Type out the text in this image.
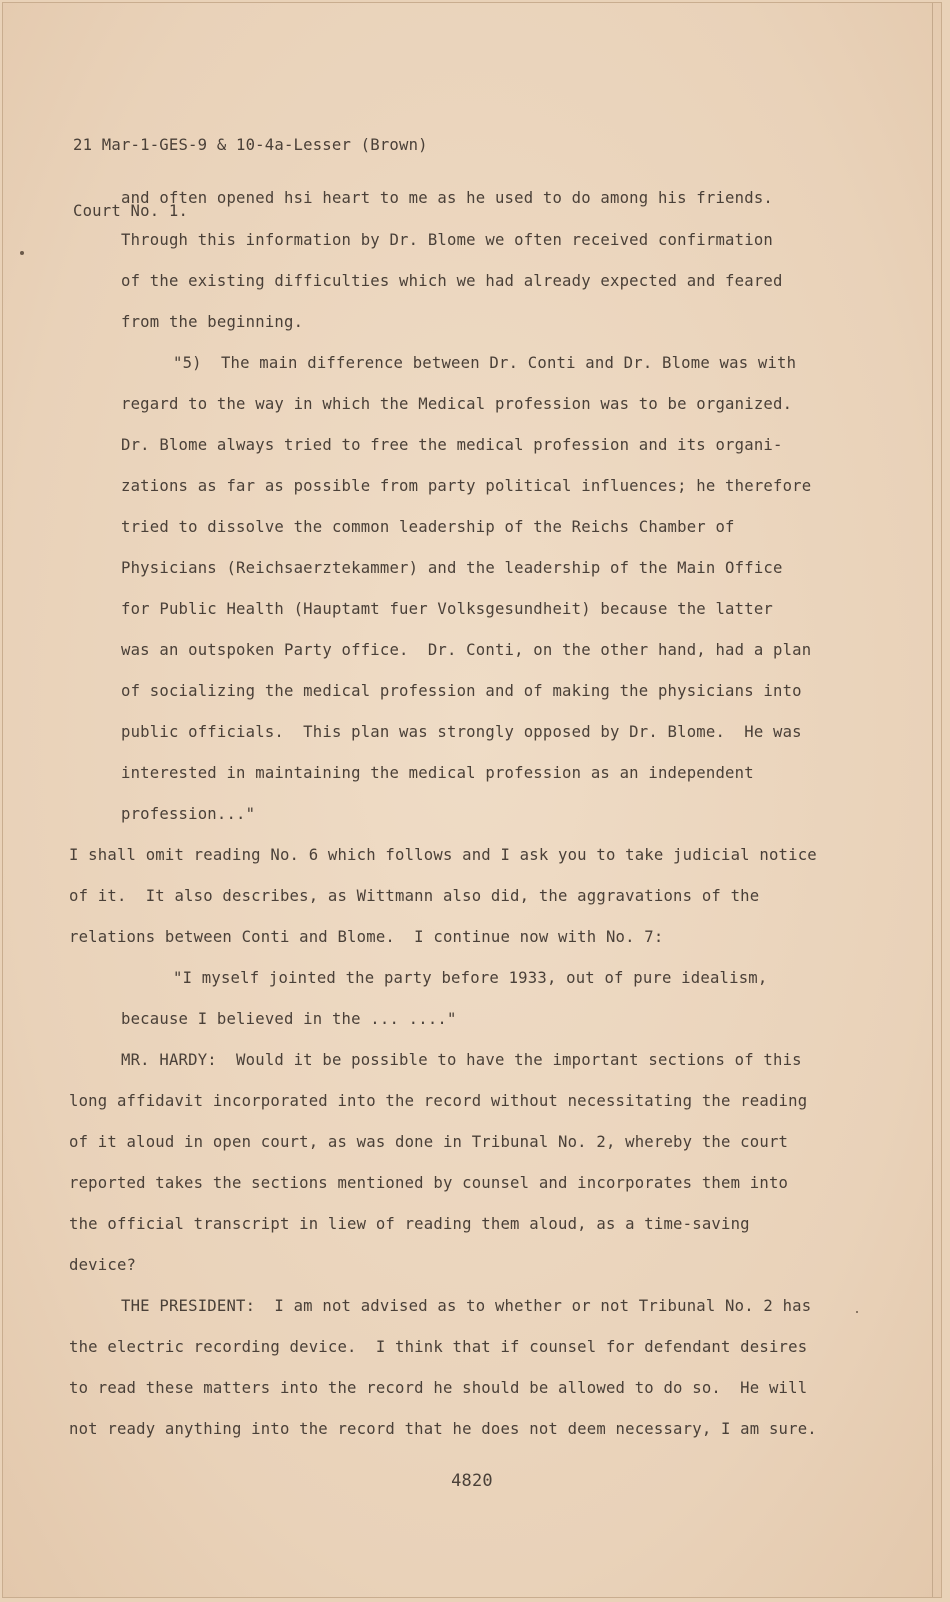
21 Mar-1-GES-9 & 10-4a-Lesser (Brown)

Court No. 1.

and often opened hsi heart to me as he used to do among his friends.
Through this information by Dr. Blome we often received confirmation
of the existing difficulties which we had already expected and feared
from the beginning.
"5)  The main difference between Dr. Conti and Dr. Blome was with
regard to the way in which the Medical profession was to be organized.
Dr. Blome always tried to free the medical profession and its organi-
zations as far as possible from party political influences; he therefore
tried to dissolve the common leadership of the Reichs Chamber of
Physicians (Reichsaerztekammer) and the leadership of the Main Office
for Public Health (Hauptamt fuer Volksgesundheit) because the latter
was an outspoken Party office.  Dr. Conti, on the other hand, had a plan
of socializing the medical profession and of making the physicians into
public officials.  This plan was strongly opposed by Dr. Blome.  He was
interested in maintaining the medical profession as an independent
profession..."
I shall omit reading No. 6 which follows and I ask you to take judicial notice
of it.  It also describes, as Wittmann also did, the aggravations of the
relations between Conti and Blome.  I continue now with No. 7:
"I myself jointed the party before 1933, out of pure idealism,
because I believed in the ... ...."
MR. HARDY:  Would it be possible to have the important sections of this
long affidavit incorporated into the record without necessitating the reading
of it aloud in open court, as was done in Tribunal No. 2, whereby the court
reported takes the sections mentioned by counsel and incorporates them into
the official transcript in liew of reading them aloud, as a time-saving
device?
THE PRESIDENT:  I am not advised as to whether or not Tribunal No. 2 has
the electric recording device.  I think that if counsel for defendant desires
to read these matters into the record he should be allowed to do so.  He will
not ready anything into the record that he does not deem necessary, I am sure.
4820
